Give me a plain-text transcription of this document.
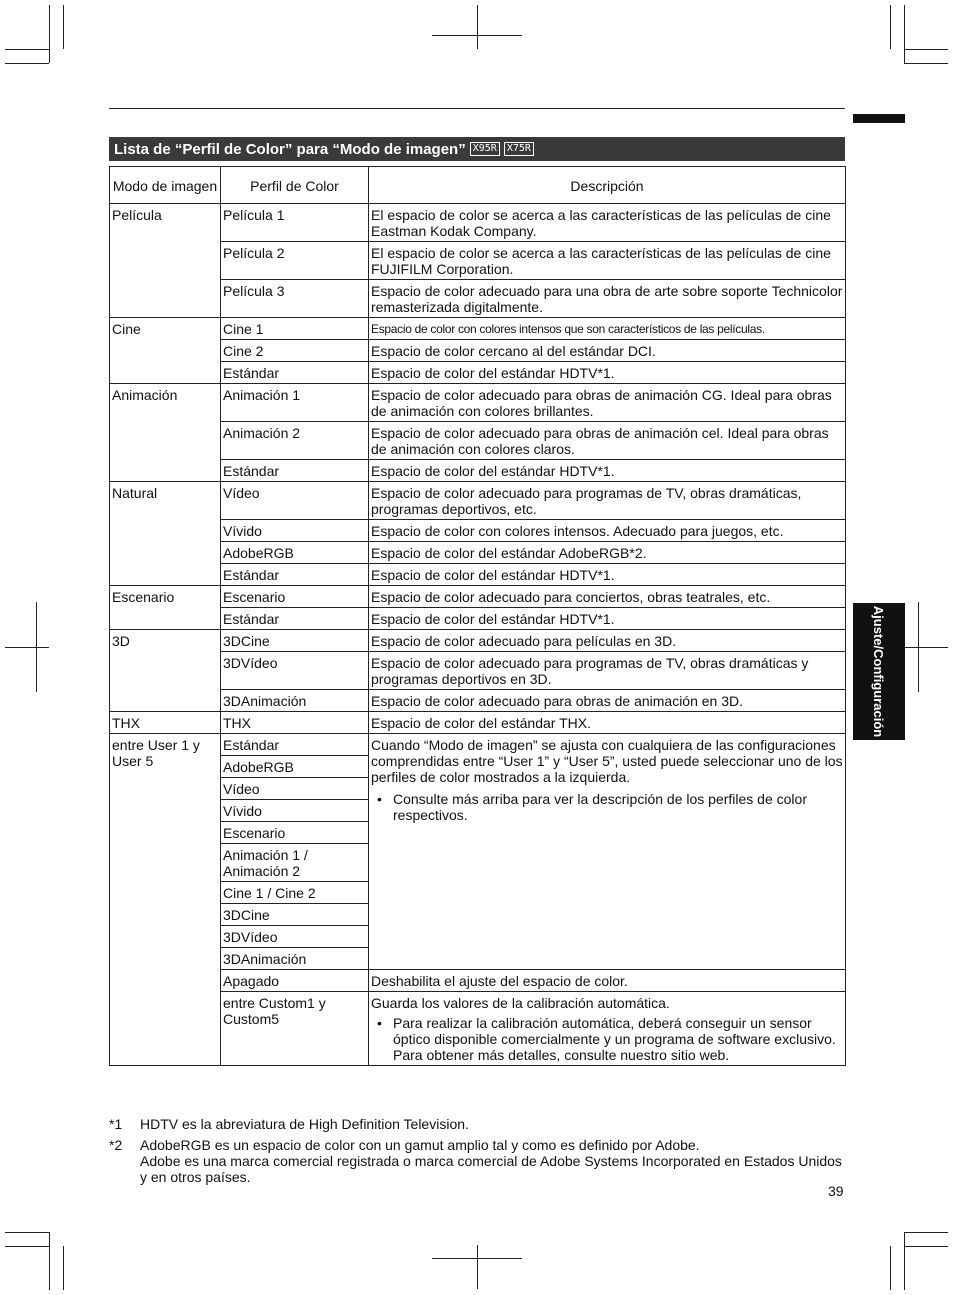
Lista de “Perfil de Color” para “Modo de imagen” X95R	X75R
Modo de imagen	Perfil de Color	Descripción
Película	Película 1	El espacio de color se acerca a las características de las películas de cine Eastman Kodak Company.
	Película 2	El espacio de color se acerca a las características de las películas de cine FUJIFILM Corporation.
	Película 3	Espacio de color adecuado para una obra de arte sobre soporte Technicolor remasterizada digitalmente.
Cine	Cine 1	Espacio de color con colores intensos que son característicos de las películas.
	Cine 2	Espacio de color cercano al del estándar DCI.
	Estándar	Espacio de color del estándar HDTV*1.
Animación	Animación 1	Espacio de color adecuado para obras de animación CG. Ideal para obras de animación con colores brillantes.
	Animación 2	Espacio de color adecuado para obras de animación cel. Ideal para obras de animación con colores claros.
	Estándar	Espacio de color del estándar HDTV*1.
Natural	Vídeo	Espacio de color adecuado para programas de TV, obras dramáticas, programas deportivos, etc.
	Vívido	Espacio de color con colores intensos. Adecuado para juegos, etc.
	AdobeRGB	Espacio de color del estándar AdobeRGB*2.
	Estándar	Espacio de color del estándar HDTV*1.
Escenario	Escenario	Espacio de color adecuado para conciertos, obras teatrales, etc.
	Estándar	Espacio de color del estándar HDTV*1.
3D	3DCine	Espacio de color adecuado para películas en 3D.
	3DVídeo	Espacio de color adecuado para programas de TV, obras dramáticas y programas deportivos en 3D.
	3DAnimación	Espacio de color adecuado para obras de animación en 3D.
THX	THX	Espacio de color del estándar THX.
entre User 1 y User 5	Estándar	Cuando “Modo de imagen” se ajusta con cualquiera de las configuraciones comprendidas entre “User 1” y “User 5”, usted puede seleccionar uno de los perfiles de color mostrados a la izquierda.
• Consulte más arriba para ver la descripción de los perfiles de color respectivos.

	AdobeRGB	
	Vídeo	
	Vívido	
	Escenario	
	Animación 1 / Animación 2	
	Cine 1 / Cine 2	
	3DCine	
	3DVídeo	
	3DAnimación	
	Apagado	Deshabilita el ajuste del espacio de color.
	entre Custom1 y Custom5	Guarda los valores de la calibración automática.
• Para realizar la calibración automática, deberá conseguir un sensor óptico disponible comercialmente y un programa de software exclusivo. Para obtener más detalles, consulte nuestro sitio web.
Ajuste/Configuración
*1 HDTV es la abreviatura de High Definition Television.
*2 AdobeRGB es un espacio de color con un gamut amplio tal y como es definido por Adobe.
Adobe es una marca comercial registrada o marca comercial de Adobe Systems Incorporated en Estados Unidos y en otros países.
39
